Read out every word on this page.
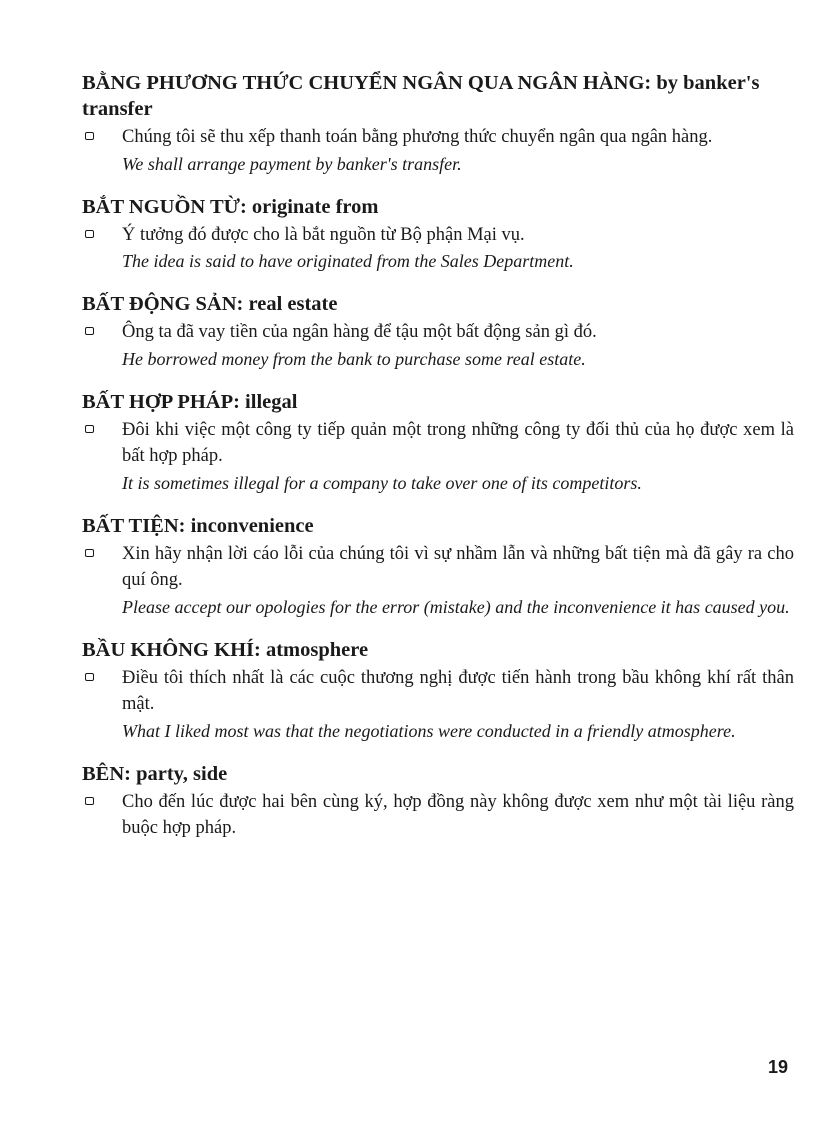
BẰNG PHƯƠNG THỨC CHUYỂN NGÂN QUA NGÂN HÀNG: by banker's transfer

Chúng tôi sẽ thu xếp thanh toán bằng phương thức chuyển ngân qua ngân hàng.

We shall arrange payment by banker's transfer.

BẮT NGUỒN TỪ: originate from

Ý tưởng đó được cho là bắt nguồn từ Bộ phận Mại vụ.

The idea is said to have originated from the Sales Department.

BẤT ĐỘNG SẢN: real estate

Ông ta đã vay tiền của ngân hàng để tậu một bất động sản gì đó.

He borrowed money from the bank to purchase some real estate.

BẤT HỢP PHÁP: illegal

Đôi khi việc một công ty tiếp quản một trong những công ty đối thủ của họ được xem là bất hợp pháp.

It is sometimes illegal for a company to take over one of its competitors.

BẤT TIỆN: inconvenience

Xin hãy nhận lời cáo lỗi của chúng tôi vì sự nhầm lẫn và những bất tiện mà đã gây ra cho quí ông.

Please accept our opologies for the error (mistake) and the inconvenience it has caused you.

BẦU KHÔNG KHÍ: atmosphere

Điều tôi thích nhất là các cuộc thương nghị được tiến hành trong bầu không khí rất thân mật.

What I liked most was that the negotiations were conducted in a friendly atmosphere.

BÊN: party, side

Cho đến lúc được hai bên cùng ký, hợp đồng này không được xem như một tài liệu ràng buộc hợp pháp.

19
